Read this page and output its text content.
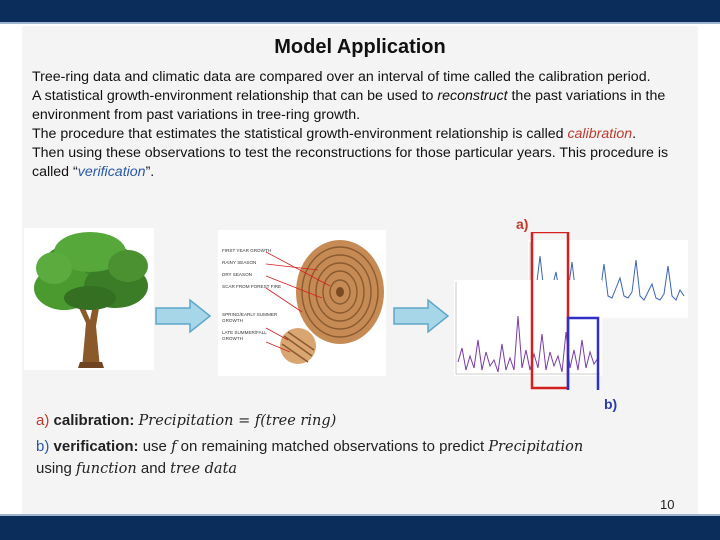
Model Application

Tree-ring data and climatic data are compared over an interval of time called the calibration period.

A statistical growth-environment relationship that can be used to reconstruct the past variations in the environment from past variations in tree-ring growth.

The procedure that estimates the statistical growth-environment relationship is called calibration.

Then using these observations to test the reconstructions for those particular years. This procedure is called “verification”.

FIRST YEAR GROWTH
RAINY SEASON
DRY SEASON
SCAR FROM FOREST FIRE
SPRING/EARLY SUMMER GROWTH
LATE SUMMER/FALL GROWTH
a)
b)
a) calibration: Precipitation = f(tree ring)
b) verification: use f on remaining matched observations to predict Precipitation
using function and tree data
10
